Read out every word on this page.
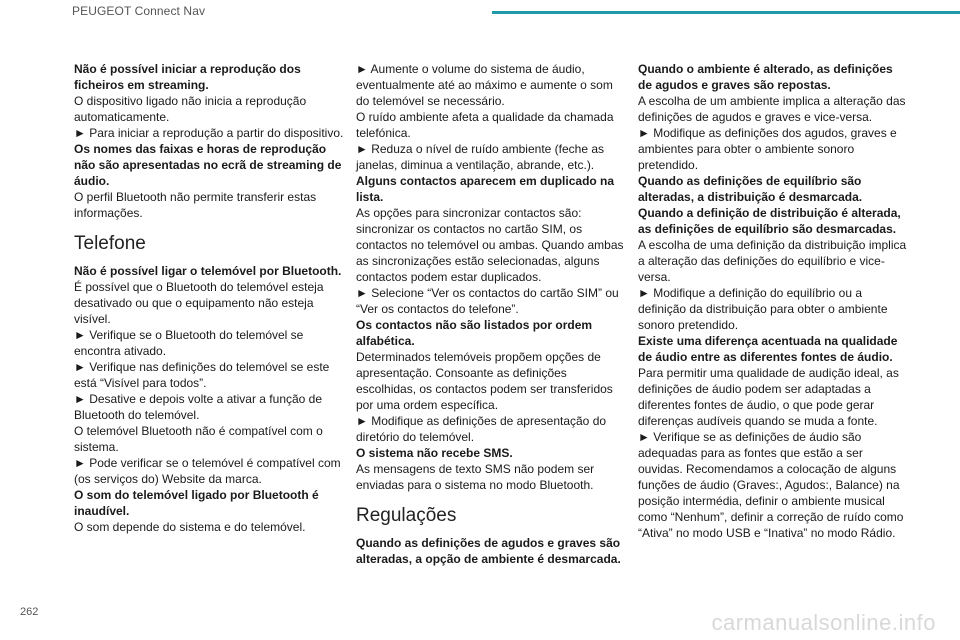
PEUGEOT Connect Nav

Não é possível iniciar a reprodução dos ficheiros em streaming.

O dispositivo ligado não inicia a reprodução automaticamente.

► Para iniciar a reprodução a partir do dispositivo.

Os nomes das faixas e horas de reprodução não são apresentadas no ecrã de streaming de áudio.

O perfil Bluetooth não permite transferir estas informações.

Telefone

Não é possível ligar o telemóvel por Bluetooth.

É possível que o Bluetooth do telemóvel esteja desativado ou que o equipamento não esteja visível.

► Verifique se o Bluetooth do telemóvel se encontra ativado.

► Verifique nas definições do telemóvel se este está “Visível para todos”.

► Desative e depois volte a ativar a função de Bluetooth do telemóvel.

O telemóvel Bluetooth não é compatível com o sistema.

► Pode verificar se o telemóvel é compatível com (os serviços do) Website da marca.

O som do telemóvel ligado por Bluetooth é inaudível.

O som depende do sistema e do telemóvel.

► Aumente o volume do sistema de áudio, eventualmente até ao máximo e aumente o som do telemóvel se necessário.

O ruído ambiente afeta a qualidade da chamada telefónica.

► Reduza o nível de ruído ambiente (feche as janelas, diminua a ventilação, abrande, etc.).

Alguns contactos aparecem em duplicado na lista.

As opções para sincronizar contactos são: sincronizar os contactos no cartão SIM, os contactos no telemóvel ou ambas. Quando ambas as sincronizações estão selecionadas, alguns contactos podem estar duplicados.

► Selecione “Ver os contactos do cartão SIM” ou “Ver os contactos do telefone”.

Os contactos não são listados por ordem alfabética.

Determinados telemóveis propõem opções de apresentação. Consoante as definições escolhidas, os contactos podem ser transferidos por uma ordem específica.

► Modifique as definições de apresentação do diretório do telemóvel.

O sistema não recebe SMS.

As mensagens de texto SMS não podem ser enviadas para o sistema no modo Bluetooth.

Regulações

Quando as definições de agudos e graves são alteradas, a opção de ambiente é desmarcada.

Quando o ambiente é alterado, as definições de agudos e graves são repostas.

A escolha de um ambiente implica a alteração das definições de agudos e graves e vice-versa.

► Modifique as definições dos agudos, graves e ambientes para obter o ambiente sonoro pretendido.

Quando as definições de equilíbrio são alteradas, a distribuição é desmarcada.

Quando a definição de distribuição é alterada, as definições de equilíbrio são desmarcadas.

A escolha de uma definição da distribuição implica a alteração das definições do equilíbrio e vice-versa.

► Modifique a definição do equilíbrio ou a definição da distribuição para obter o ambiente sonoro pretendido.

Existe uma diferença acentuada na qualidade de áudio entre as diferentes fontes de áudio.

Para permitir uma qualidade de audição ideal, as definições de áudio podem ser adaptadas a diferentes fontes de áudio, o que pode gerar diferenças audíveis quando se muda a fonte.

► Verifique se as definições de áudio são adequadas para as fontes que estão a ser ouvidas. Recomendamos a colocação de alguns funções de áudio (Graves:, Agudos:, Balance) na posição intermédia, definir o ambiente musical como “Nenhum”, definir a correção de ruído como “Ativa” no modo USB e “Inativa” no modo Rádio.

262	carmanualsonline.info
